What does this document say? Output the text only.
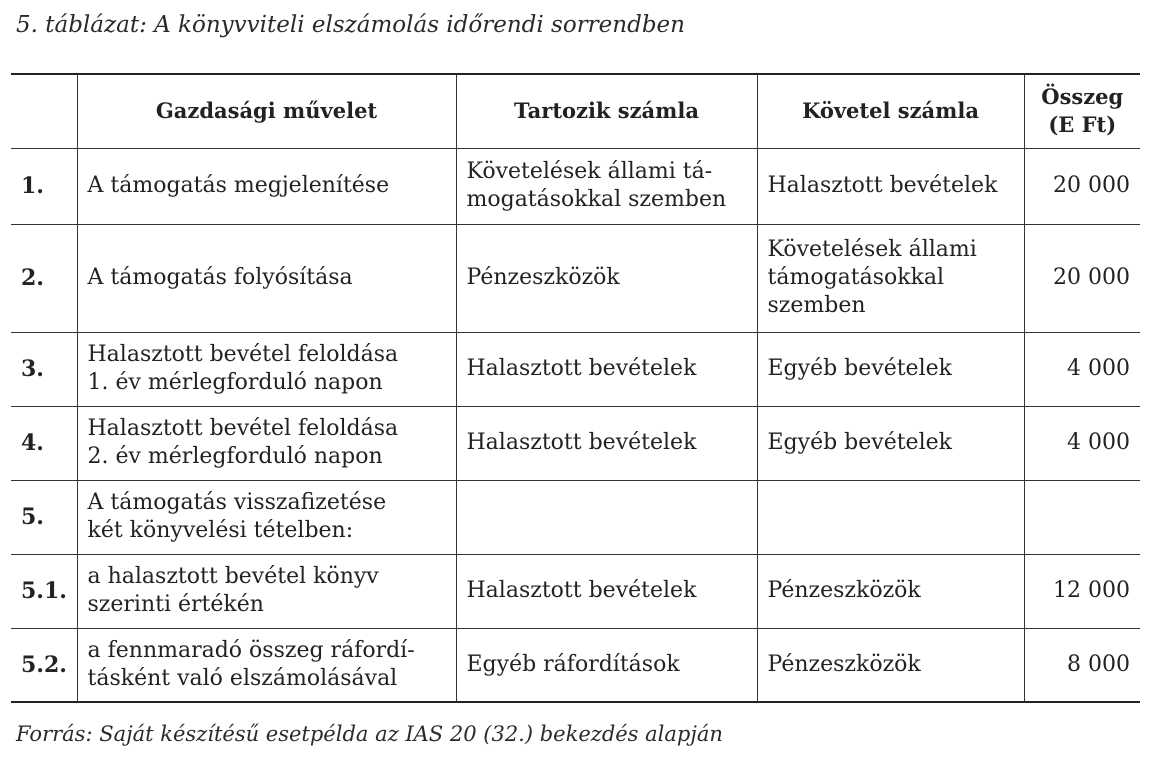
5. táblázat: A könyvviteli elszámolás időrendi sorrendben
	Gazdasági művelet	Tartozik számla	Követel számla	Összeg
(E Ft)

1.	A támogatás megjelenítése	Követelések állami tá-
mogatásokkal szemben	Halasztott bevételek	20 000
2.	A támogatás folyósítása	Pénzeszközök	Követelések állami
támogatásokkal
szemben	20 000
3.	Halasztott bevétel feloldása
1. év mérlegforduló napon	Halasztott bevételek	Egyéb bevételek	4 000
4.	Halasztott bevétel feloldása
2. év mérlegforduló napon	Halasztott bevételek	Egyéb bevételek	4 000
5.	A támogatás visszafizetése
két könyvelési tételben:			

5.1.	a halasztott bevétel könyv
szerinti értékén	Halasztott bevételek	Pénzeszközök	12 000
5.2.	a fennmaradó összeg ráfordí-
tásként való elszámolásával	Egyéb ráfordítások	Pénzeszközök	8 000
Forrás: Saját készítésű esetpélda az IAS 20 (32.) bekezdés alapján
